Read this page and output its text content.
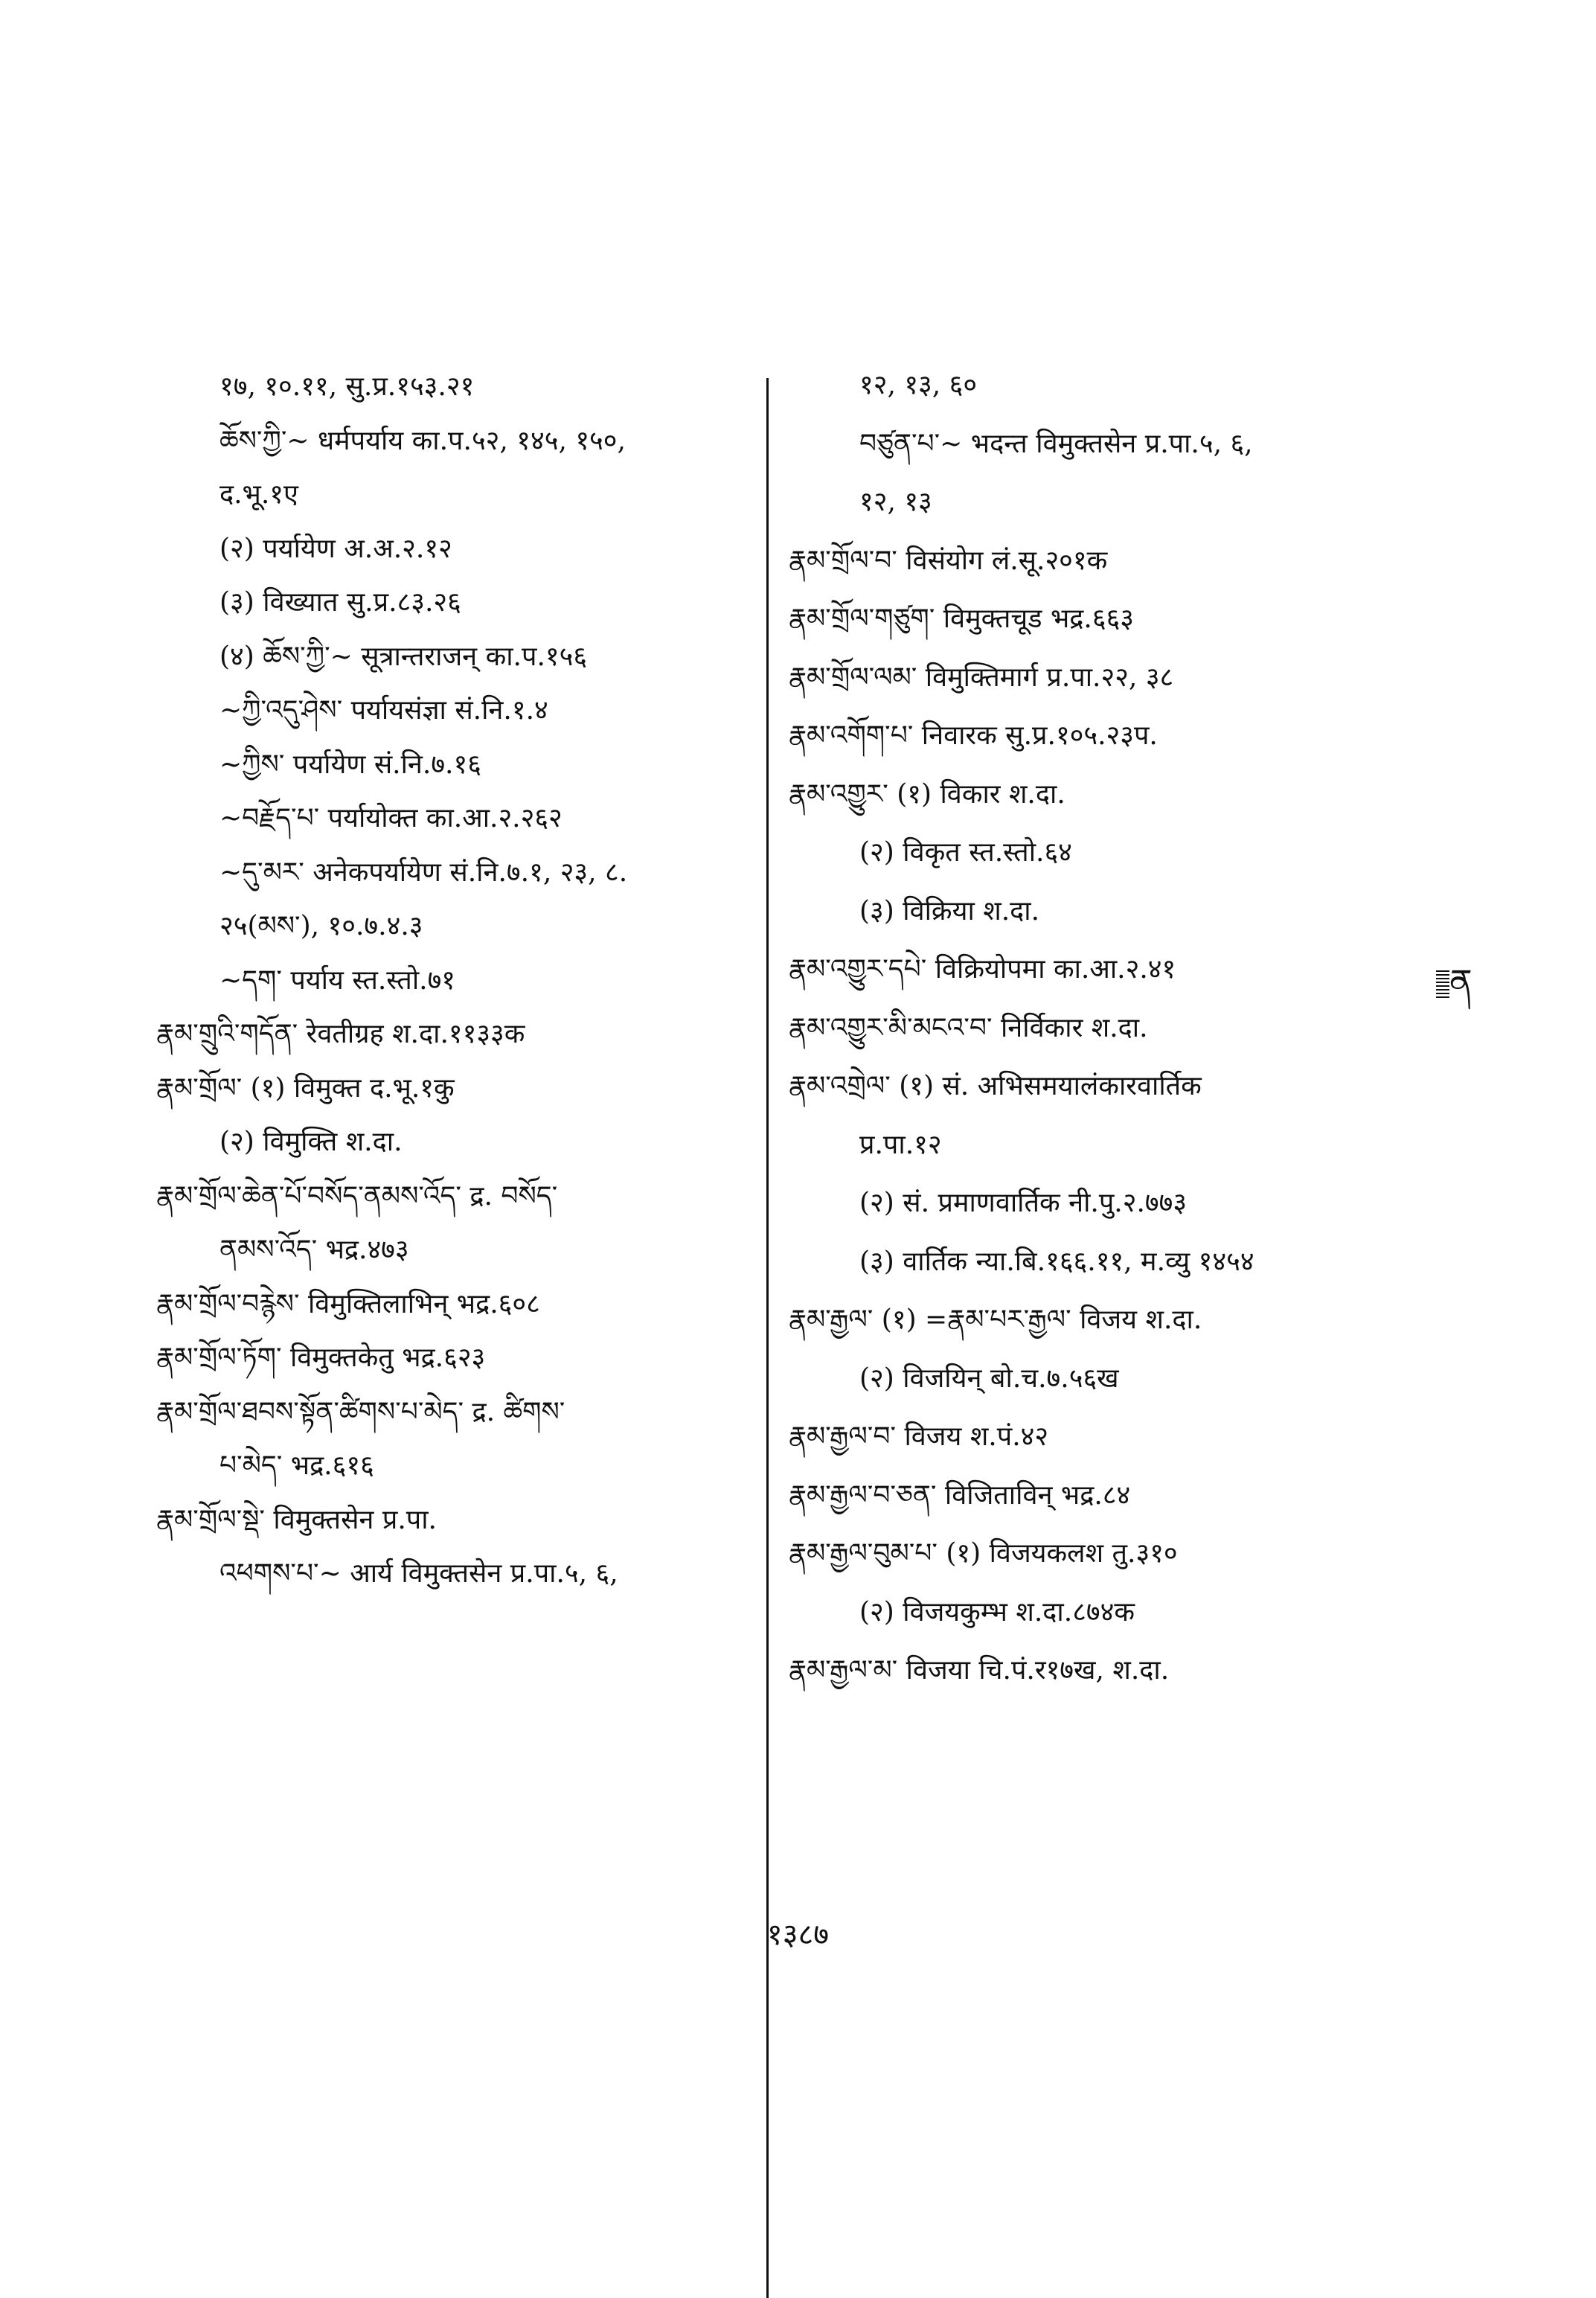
१७, १०.११, सु.प्र.१५३.२१
ཆོས་ཀྱི་~ धर्मपर्याय का.प.५२, १४५, १५०,
द.भू.१ए
(२) पर्यायेण अ.अ.२.१२
(३) विख्यात सु.प्र.८३.२६
(४) ཆོས་ཀྱི་~ सूत्रान्तराजन् का.प.१५६
~ཀྱི་འདུ་ཤེས་ पर्यायसंज्ञा सं.नि.१.४
~ཀྱིས་ पर्यायेण सं.नि.७.१६
~བརྗོད་པ་ पर्यायोक्त का.आ.२.२६२
~དུ་མར་ अनेकपर्यायेण सं.नि.७.१, २३, ८.
२५(མས་), १०.७.४.३
~དག་ पर्याय स्त.स्तो.७१
རྣམ་གྲུའི་གདོན་ रेवतीग्रह श.दा.११३३क
རྣམ་གྲོལ་ (१) विमुक्त द.भू.१कु
(२) विमुक्ति श.दा.
རྣམ་གྲོལ་ཆེན་པོ་བསོད་ནམས་འོད་ द्र. བསོད་
ནམས་འོད་ भद्र.४७३
རྣམ་གྲོལ་བརྙེས་ विमुक्तिलाभिन् भद्र.६०८
རྣམ་གྲོལ་ཏོག་ विमुक्तकेतु भद्र.६२३
རྣམ་གྲོལ་ཐབས་སྟོན་ཚིགས་པ་མེད་ द्र. ཚིགས་
པ་མེད་ भद्र.६१६
རྣམ་གྲོལ་སྡེ་ विमुक्तसेन प्र.पा.
འཕགས་པ་~ आर्य विमुक्तसेन प्र.पा.५, ६,
१२, १३, ६०
བཙུན་པ་~ भदन्त विमुक्तसेन प्र.पा.५, ६,
१२, १३
རྣམ་གྲོལ་བ་ विसंयोग लं.सू.२०१क
རྣམ་གྲོལ་གཙུག་ विमुक्तचूड भद्र.६६३
རྣམ་གྲོལ་ལམ་ विमुक्तिमार्ग प्र.पा.२२, ३८
རྣམ་འགོག་པ་ निवारक सु.प्र.१०५.२३प.
རྣམ་འགྱུར་ (१) विकार श.दा.
(२) विकृत स्त.स्तो.६४
(३) विक्रिया श.दा.
རྣམ་འགྱུར་དཔེ་ विक्रियोपमा का.आ.२.४१
རྣམ་འགྱུར་མི་མངའ་བ་ निर्विकार श.दा.
རྣམ་འགྲེལ་ (१) सं. अभिसमयालंकारवार्तिक
प्र.पा.१२
(२) सं. प्रमाणवार्तिक नी.पु.२.७७३
(३) वार्तिक न्या.बि.१६६.११, म.व्यु १४५४
རྣམ་རྒྱལ་ (१) =རྣམ་པར་རྒྱལ་ विजय श.दा.
(२) विजयिन् बो.च.७.५६ख
རྣམ་རྒྱལ་བ་ विजय श.पं.४२
རྣམ་རྒྱལ་བ་ཅན་ विजिताविन् भद्र.८४
རྣམ་རྒྱལ་བུམ་པ་ (१) विजयकलश तु.३१०
(२) विजयकुम्भ श.दा.८७४क
རྣམ་རྒྱལ་མ་ विजया चि.पं.र१७ख, श.दा.
ན
१३८७
